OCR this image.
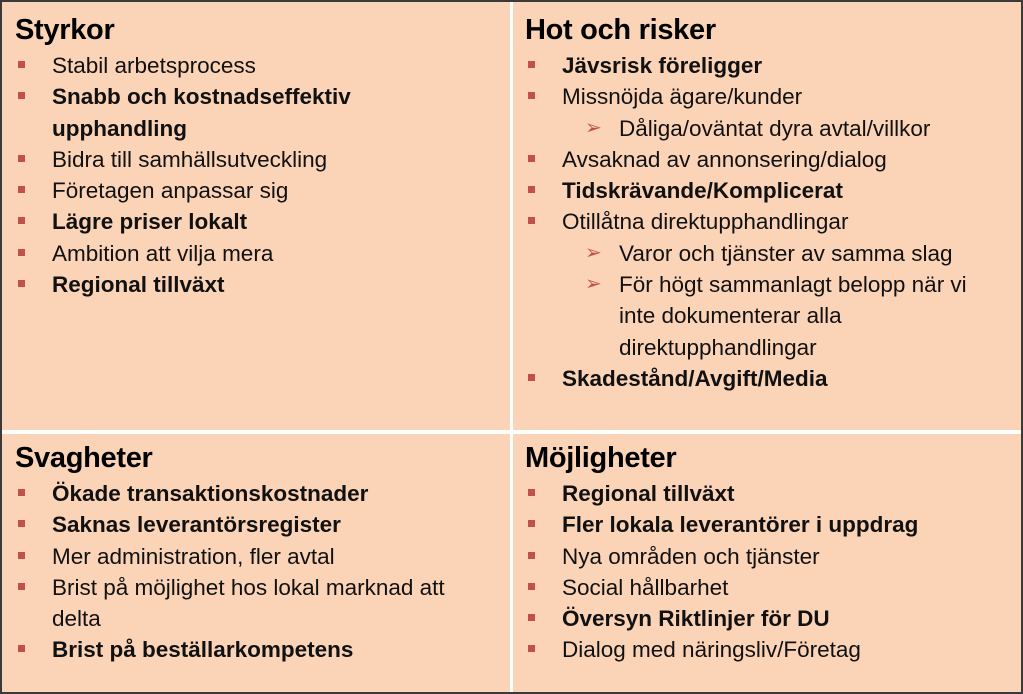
Styrkor
Stabil arbetsprocess
Snabb och kostnadseffektiv upphandling
Bidra till samhällsutveckling
Företagen anpassar sig
Lägre priser lokalt
Ambition att vilja mera
Regional tillväxt
Hot och risker
Jävsrisk föreligger
Missnöjda ägare/kunder
➢ Dåliga/oväntat dyra avtal/villkor
Avsaknad av annonsering/dialog
Tidskrävande/Komplicerat
Otillåtna direktupphandlingar
➢ Varor och tjänster av samma slag
➢ För högt sammanlagt belopp när vi inte dokumenterar alla direktupphandlingar
Skadestånd/Avgift/Media
Svagheter
Ökade transaktionskostnader
Saknas leverantörsregister
Mer administration, fler avtal
Brist på möjlighet hos lokal marknad att delta
Brist på beställarkompetens
Möjligheter
Regional tillväxt
Fler lokala leverantörer i uppdrag
Nya områden och tjänster
Social hållbarhet
Översyn Riktlinjer för DU
Dialog med näringsliv/Företag
